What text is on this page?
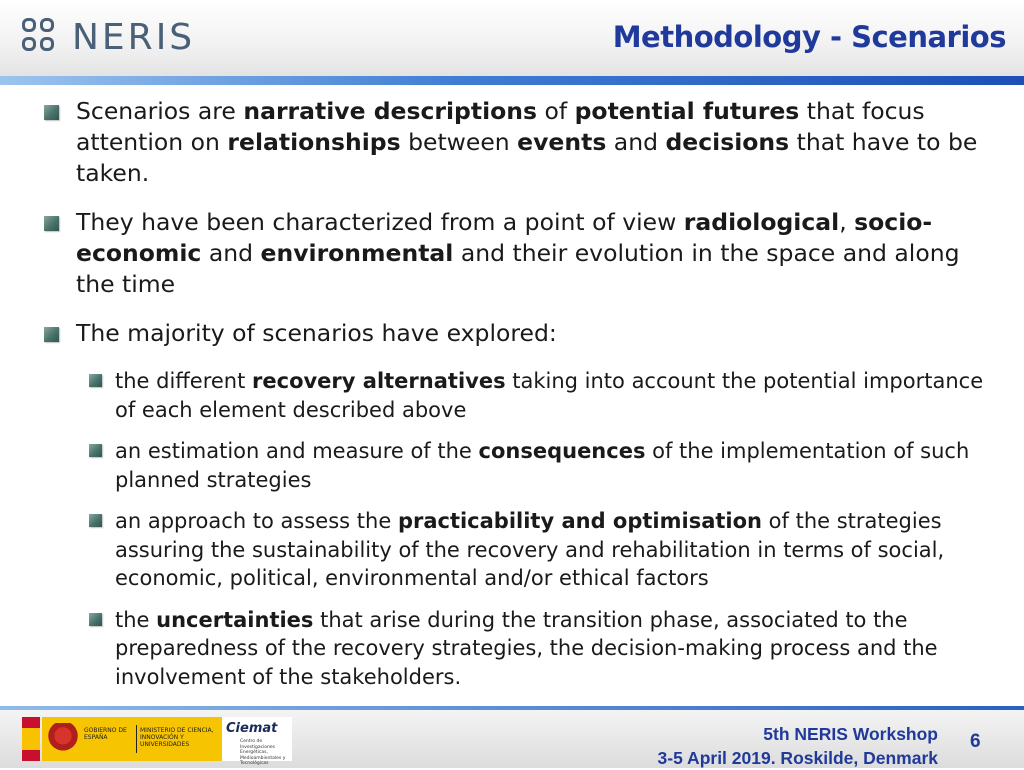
NERIS	Methodology - Scenarios

Scenarios are narrative descriptions of potential futures that focus attention on relationships between events and decisions that have to be taken.

They have been characterized from a point of view radiological, socio-economic and environmental and their evolution in the space and along the time

The majority of scenarios have explored:

the different recovery alternatives taking into account the potential importance of each element described above

an estimation and measure of the consequences of the implementation of such planned strategies

an approach to assess the practicability and optimisation of the strategies assuring the sustainability of the recovery and rehabilitation in terms of social, economic, political, environmental and/or ethical factors

the uncertainties that arise during the transition phase, associated to the preparedness of the recovery strategies, the decision-making process and the involvement of the stakeholders.

GOBIERNO DE ESPAÑA
MINISTERIO DE CIENCIA, INNOVACIÓN Y UNIVERSIDADES
Ciemat
Centro de Investigaciones Energéticas, Medioambientales y Tecnológicas
5th NERIS Workshop
3-5 April 2019. Roskilde, Denmark
6
